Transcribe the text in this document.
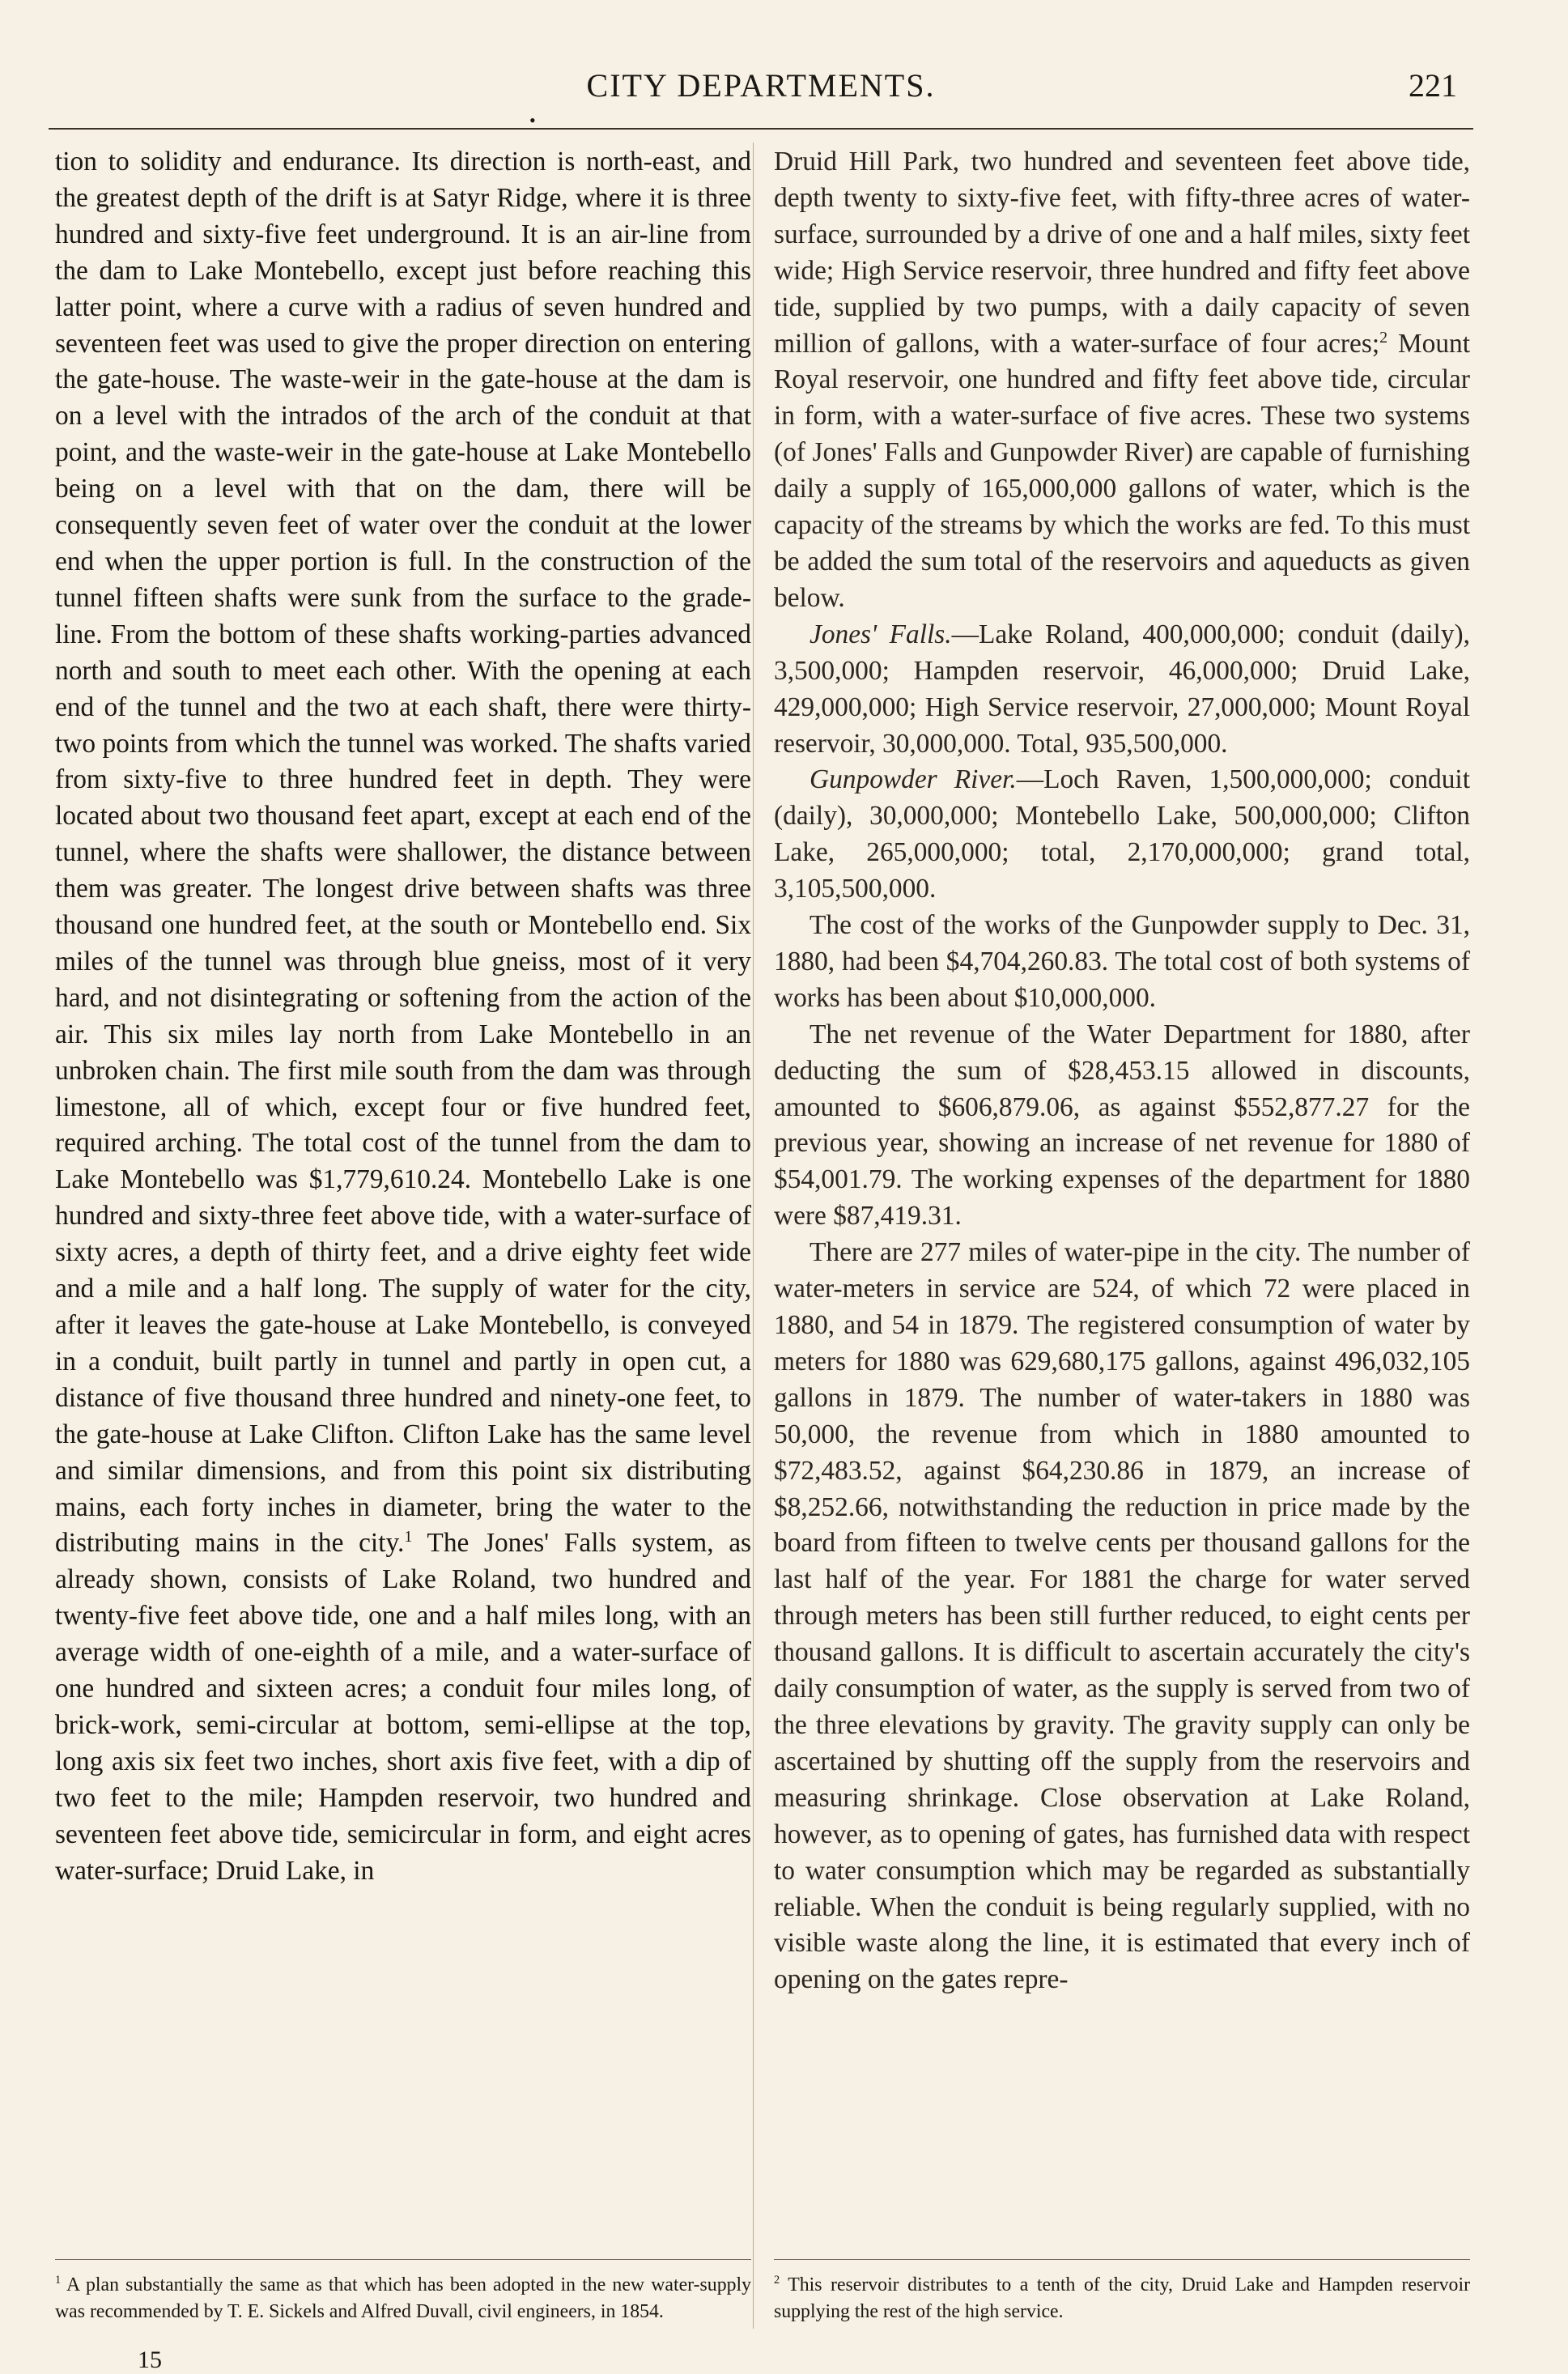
CITY DEPARTMENTS.	221
•

tion to solidity and endurance. Its direction is north-east, and the greatest depth of the drift is at Satyr Ridge, where it is three hundred and sixty-five feet underground. It is an air-line from the dam to Lake Montebello, except just before reaching this latter point, where a curve with a radius of seven hundred and seventeen feet was used to give the proper direction on entering the gate-house. The waste-weir in the gate-house at the dam is on a level with the intrados of the arch of the conduit at that point, and the waste-weir in the gate-house at Lake Montebello being on a level with that on the dam, there will be consequently seven feet of water over the conduit at the lower end when the upper portion is full. In the construction of the tunnel fifteen shafts were sunk from the surface to the grade-line. From the bottom of these shafts working-parties advanced north and south to meet each other. With the opening at each end of the tunnel and the two at each shaft, there were thirty-two points from which the tunnel was worked. The shafts varied from sixty-five to three hundred feet in depth. They were located about two thousand feet apart, except at each end of the tunnel, where the shafts were shallower, the distance between them was greater. The longest drive between shafts was three thousand one hundred feet, at the south or Montebello end. Six miles of the tunnel was through blue gneiss, most of it very hard, and not disintegrating or softening from the action of the air. This six miles lay north from Lake Montebello in an unbroken chain. The first mile south from the dam was through limestone, all of which, except four or five hundred feet, required arching. The total cost of the tunnel from the dam to Lake Montebello was $1,779,610.24. Montebello Lake is one hundred and sixty-three feet above tide, with a water-surface of sixty acres, a depth of thirty feet, and a drive eighty feet wide and a mile and a half long. The supply of water for the city, after it leaves the gate-house at Lake Montebello, is conveyed in a conduit, built partly in tunnel and partly in open cut, a distance of five thousand three hundred and ninety-one feet, to the gate-house at Lake Clifton. Clifton Lake has the same level and similar dimensions, and from this point six distributing mains, each forty inches in diameter, bring the water to the distributing mains in the city.$^1$ The Jones' Falls system, as already shown, consists of Lake Roland, two hundred and twenty-five feet above tide, one and a half miles long, with an average width of one-eighth of a mile, and a water-surface of one hundred and sixteen acres; a conduit four miles long, of brick-work, semi-circular at bottom, semi-ellipse at the top, long axis six feet two inches, short axis five feet, with a dip of two feet to the mile; Hampden reservoir, two hundred and seventeen feet above tide, semicircular in form, and eight acres water-surface; Druid Lake, in

Druid Hill Park, two hundred and seventeen feet above tide, depth twenty to sixty-five feet, with fifty-three acres of water-surface, surrounded by a drive of one and a half miles, sixty feet wide; High Service reservoir, three hundred and fifty feet above tide, supplied by two pumps, with a daily capacity of seven million of gallons, with a water-surface of four acres;$^2$ Mount Royal reservoir, one hundred and fifty feet above tide, circular in form, with a water-surface of five acres. These two systems (of Jones' Falls and Gunpowder River) are capable of furnishing daily a supply of 165,000,000 gallons of water, which is the capacity of the streams by which the works are fed. To this must be added the sum total of the reservoirs and aqueducts as given below.

Jones' Falls.—Lake Roland, 400,000,000; conduit (daily), 3,500,000; Hampden reservoir, 46,000,000; Druid Lake, 429,000,000; High Service reservoir, 27,000,000; Mount Royal reservoir, 30,000,000. Total, 935,500,000.

Gunpowder River.—Loch Raven, 1,500,000,000; conduit (daily), 30,000,000; Montebello Lake, 500,000,000; Clifton Lake, 265,000,000; total, 2,170,000,000; grand total, 3,105,500,000.

The cost of the works of the Gunpowder supply to Dec. 31, 1880, had been $4,704,260.83. The total cost of both systems of works has been about $10,000,000.

The net revenue of the Water Department for 1880, after deducting the sum of $28,453.15 allowed in discounts, amounted to $606,879.06, as against $552,877.27 for the previous year, showing an increase of net revenue for 1880 of $54,001.79. The working expenses of the department for 1880 were $87,419.31.

There are 277 miles of water-pipe in the city. The number of water-meters in service are 524, of which 72 were placed in 1880, and 54 in 1879. The registered consumption of water by meters for 1880 was 629,680,175 gallons, against 496,032,105 gallons in 1879. The number of water-takers in 1880 was 50,000, the revenue from which in 1880 amounted to $72,483.52, against $64,230.86 in 1879, an increase of $8,252.66, notwithstanding the reduction in price made by the board from fifteen to twelve cents per thousand gallons for the last half of the year. For 1881 the charge for water served through meters has been still further reduced, to eight cents per thousand gallons. It is difficult to ascertain accurately the city's daily consumption of water, as the supply is served from two of the three elevations by gravity. The gravity supply can only be ascertained by shutting off the supply from the reservoirs and measuring shrinkage. Close observation at Lake Roland, however, as to opening of gates, has furnished data with respect to water consumption which may be regarded as substantially reliable. When the conduit is being regularly supplied, with no visible waste along the line, it is estimated that every inch of opening on the gates repre-

$^1$ A plan substantially the same as that which has been adopted in the new water-supply was recommended by T. E. Sickels and Alfred Duvall, civil engineers, in 1854.
$^2$ This reservoir distributes to a tenth of the city, Druid Lake and Hampden reservoir supplying the rest of the high service.
15
